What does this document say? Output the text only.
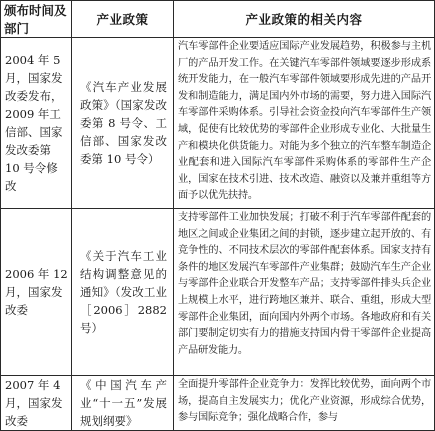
颁布时间及部门	产业政策	产业政策的相关内容
2004 年 5 月，国家发改委发布，2009 年工信部、国家发改委第 10 号令修改	《汽车产业发展政策》（国家发改委第 8 号令、工信部、国家发改委第 10 号令）	汽车零部件企业要适应国际产业发展趋势，积极参与主机厂的产品开发工作。在关键汽车零部件领域要逐步形成系统开发能力，在一般汽车零部件领域要形成先进的产品开发和制造能力，满足国内外市场的需要，努力进入国际汽车零部件采购体系。引导社会资金投向汽车零部件生产领域，促使有比较优势的零部件企业形成专业化、大批量生产和模块化供货能力。对能为多个独立的汽车整车制造企业配套和进入国际汽车零部件采购体系的零部件生产企业，国家在技术引进、技术改造、融资以及兼并重组等方面予以优先扶持。
2006 年 12 月，国家发改委	《关于汽车工业结构调整意见的通知》（发改工业［2006］2882 号）	支持零部件工业加快发展；打破不利于汽车零部件配套的地区之间或企业集团之间的封锁，逐步建立起开放的、有竞争性的、不同技术层次的零部件配套体系。国家支持有条件的地区发展汽车零部件产业集群；鼓励汽车生产企业与零部件企业联合开发整车产品；支持零部件排头兵企业上规模上水平，进行跨地区兼并、联合、重组，形成大型零部件企业集团，面向国内外两个市场。各地政府和有关部门要制定切实有力的措施支持国内骨干零部件企业提高产品研发能力。
2007 年 4 月，国家发改委	《中国汽车产业“十一五”发展规划纲要》	全面提升零部件企业竞争力：发挥比较优势，面向两个市场，提高自主发展实力；优化产业资源，形成综合优势，参与国际竞争；强化战略合作，参与
